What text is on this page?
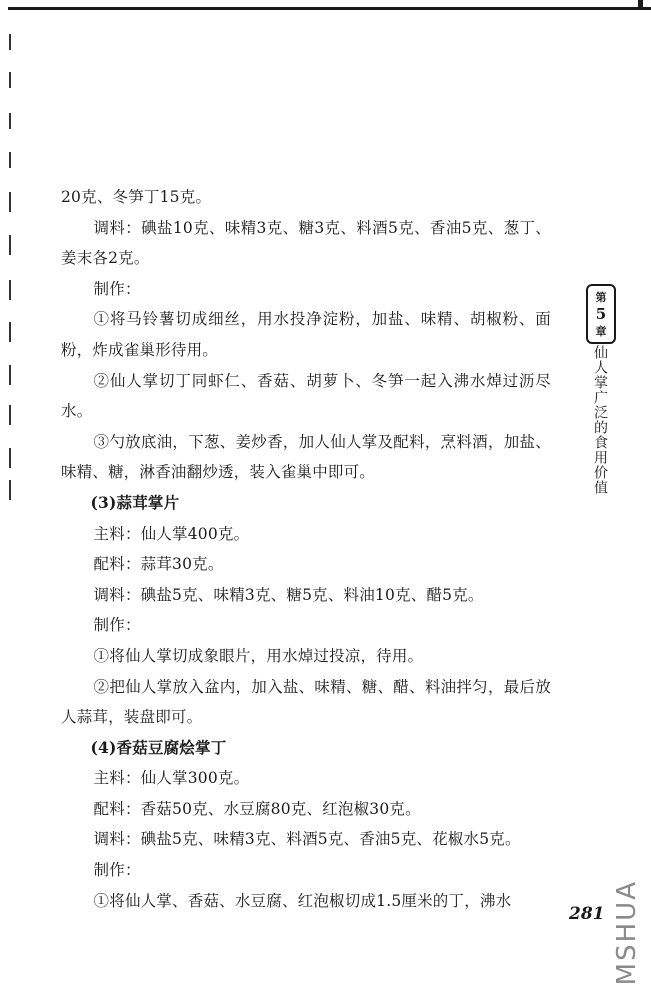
20克、冬笋丁15克。

调料：碘盐10克、味精3克、糖3克、料酒5克、香油5克、葱丁、姜末各2克。

制作：

①将马铃薯切成细丝，用水投净淀粉，加盐、味精、胡椒粉、面粉，炸成雀巢形待用。

②仙人掌切丁同虾仁、香菇、胡萝卜、冬笋一起入沸水焯过沥尽水。

③勺放底油，下葱、姜炒香，加人仙人掌及配料，烹料酒，加盐、味精、糖，淋香油翻炒透，装入雀巢中即可。

(3)蒜茸掌片

主料：仙人掌400克。

配料：蒜茸30克。

调料：碘盐5克、味精3克、糖5克、料油10克、醋5克。

制作：

①将仙人掌切成象眼片，用水焯过投凉，待用。

②把仙人掌放入盆内，加入盐、味精、糖、醋、料油拌匀，最后放人蒜茸，装盘即可。

(4)香菇豆腐烩掌丁

主料：仙人掌300克。

配料：香菇50克、水豆腐80克、红泡椒30克。

调料：碘盐5克、味精3克、料酒5克、香油5克、花椒水5克。

制作：

①将仙人掌、香菇、水豆腐、红泡椒切成1.5厘米的丁，沸水

第
5
章
仙人掌广泛的食用价值
281 MSHUA
